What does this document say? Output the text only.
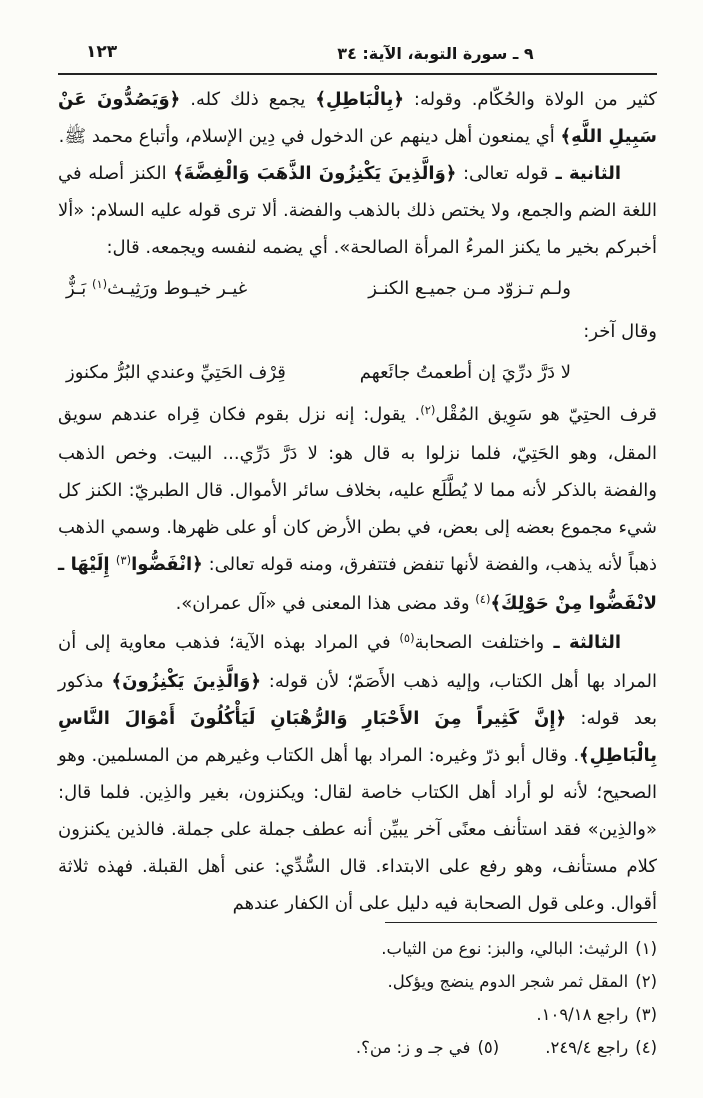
١٢٣	٩ ـ سورة التوبة، الآية: ٣٤

كثير من الولاة والحُكّام. وقوله: ﴿بِالْبَاطِلِ﴾ يجمع ذلك كله. ﴿وَيَصُدُّونَ عَنْ سَبِيلِ اللَّهِ﴾ أي يمنعون أهل دينهم عن الدخول في دِين الإسلام، وأتباع محمد ﷺ.

الثانية ـ قوله تعالى: ﴿وَالَّذِينَ يَكْنِزُونَ الذَّهَبَ وَالْفِضَّةَ﴾ الكنز أصله في اللغة الضم والجمع، ولا يختص ذلك بالذهب والفضة. ألا ترى قوله عليه السلام: «ألا أخبركم بخير ما يكنز المرءُ المرأة الصالحة». أي يضمه لنفسه ويجمعه. قال:

ولـم تـزوّد مـن جميـع الكنـز
غيـر خيـوط ورَثِيـث$^{(١)}$ بَـزٌّ

وقال آخر:

لا دَرَّ درِّيَ إن أطعمتُ جائَعهم
قِرْف الحَتِيِّ وعندي البُرُّ مكنوز

قرف الحتِيّ هو سَوِيق المُقْل$^{(٢)}$. يقول: إنه نزل بقوم فكان قِراه عندهم سويق المقل، وهو الحَتِيّ، فلما نزلوا به قال هو: لا دَرَّ دَرِّي... البيت. وخص الذهب والفضة بالذكر لأنه مما لا يُطَّلَع عليه، بخلاف سائر الأموال. قال الطبريّ: الكنز كل شيء مجموع بعضه إلى بعض، في بطن الأرض كان أو على ظهرها. وسمي الذهب ذهباً لأنه يذهب، والفضة لأنها تنفض فتتفرق، ومنه قوله تعالى: ﴿انْفَضُّوا$^{(٣)}$ إِلَيْهَا ـ لانْفَضُّوا مِنْ حَوْلِكَ﴾$^{(٤)}$ وقد مضى هذا المعنى في «آل عمران».

الثالثة ـ واختلفت الصحابة$^{(٥)}$ في المراد بهذه الآية؛ فذهب معاوية إلى أن المراد بها أهل الكتاب، وإليه ذهب الأَصَمّ؛ لأن قوله: ﴿وَالَّذِينَ يَكْنِزُونَ﴾ مذكور بعد قوله: ﴿إِنَّ كَثِيراً مِنَ الأَحْبَارِ وَالرُّهْبَانِ لَيَأْكُلُونَ أَمْوَالَ النَّاسِ بِالْبَاطِلِ﴾. وقال أبو ذرّ وغيره: المراد بها أهل الكتاب وغيرهم من المسلمين. وهو الصحيح؛ لأنه لو أراد أهل الكتاب خاصة لقال: ويكنزون، بغير والذِين. فلما قال: «والذِين» فقد استأنف معنًى آخر يبيِّن أنه عطف جملة على جملة. فالذين يكنزون كلام مستأنف، وهو رفع على الابتداء. قال السُّدِّي: عنى أهل القبلة. فهذه ثلاثة أقوال. وعلى قول الصحابة فيه دليل على أن الكفار عندهم

(١)
الرثيث: البالي، والبز: نوع من الثياب.
(٢)
المقل ثمر شجر الدوم ينضج ويؤكل.
(٣)
راجع ١٠٩/١٨.
(٤)
راجع ٢٤٩/٤.
(٥)
في جـ و ز: من؟.
